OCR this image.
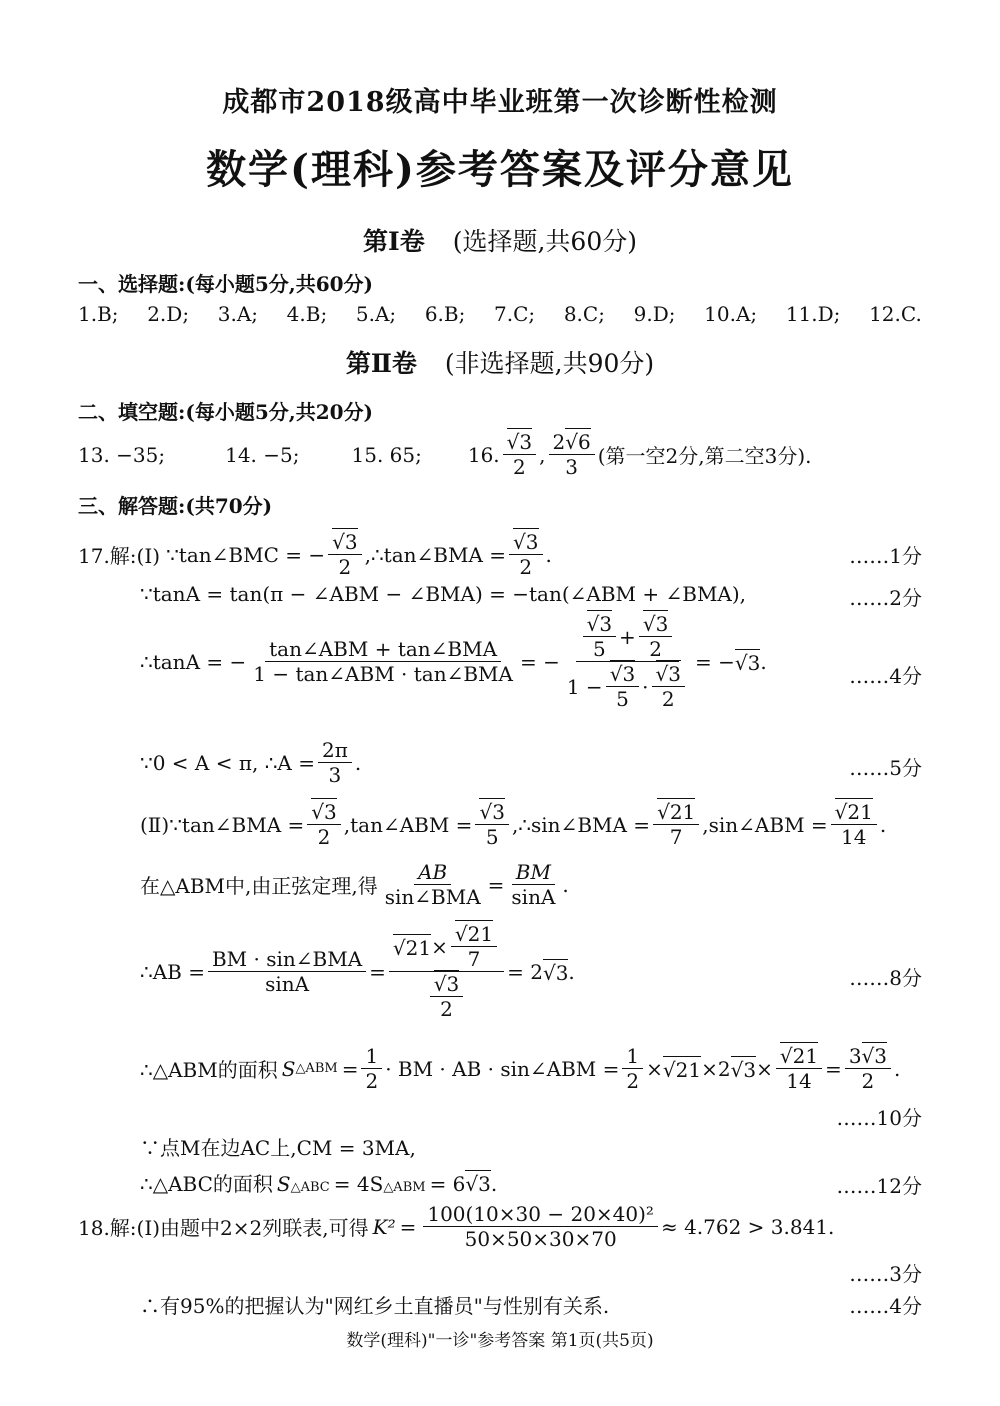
成都市2018级高中毕业班第一次诊断性检测
数学(理科)参考答案及评分意见
第Ⅰ卷 (选择题,共60分)
一、选择题:(每小题5分,共60分)
1.B; 2.D; 3.A; 4.B; 5.A; 6.B; 7.C; 8.C; 9.D; 10.A; 11.D; 12.C.
第Ⅱ卷 (非选择题,共90分)
二、填空题:(每小题5分,共20分)
13. −35;	14. −5;	15. 65; 16.
√ $\frac{3}{2}$ , $\frac{2√ 6}{3}$ (第一空2分,第二空3分).
三、解答题:(共70分)
17.解:(Ⅰ) ∵tan∠BMC = −
√ $\frac{3}{2}$ ,∴tan∠BMA =
√ $\frac{3}{2}$ .	……1分
∵tanA = tan(π − ∠ABM − ∠BMA) = −tan(∠ABM + ∠BMA),	……2分
∴tanA = − $\frac{\text{tan∠ABM + tan∠BMA}}{\text{1 − tan∠ABM · tan∠BMA}}$ = −
√ $\frac{3}{5}$ +
√ $\frac{3}{2}$
1 −
√ $\frac{3}{5}$ ·
√ $\frac{3}{2}$ = −
√ 3 .
……4分
∵0 < A < π, ∴A = $\frac{2\pi}{3}$ .	……5分
(Ⅱ) ∵tan∠BMA =
√ $\frac{3}{2}$ ,tan∠ABM =
√ $\frac{3}{5}$ ,∴sin∠BMA =
√ $\frac{21}{7}$ ,sin∠ABM =
√ $\frac{21}{14}$ .
在△ABM中,由正弦定理,得 $\frac{AB}{\text{sin∠BMA}} = \frac{BM}{\sin A}$ .
∴AB = $\frac{\text{BM · sin∠BMA}}{\sin A}$ =
√ 21 ×
√ $\frac{21}{7}$
√ $\frac{3}{2} = 2$
√ 3 .	……8分
∴△ABM的面积 S △ABM = $\frac{1}{2}$ · BM · AB · sin∠ABM = $\frac{1}{2}$ ×
√ 21 ×2
√ 3 ×
√ $\frac{21}{14} = \frac{3√ 3}{2}$ .
……10分
∵点M在边AC上,CM = 3MA,
∴△ABC的面积 S △ABC = 4S △ABM = 6
√ 3 .	……12分
18.解:(Ⅰ)由题中2×2列联表,可得 $K^2 = \frac{\text{100(10×30 − 20×40)²}}{50\times 50\times 30\times 70} \approx 4.762 > 3.841$.
……3分
∴有95%的把握认为"网红乡土直播员"与性别有关系.	……4分
数学(理科)"一诊"参考答案 第1页(共5页)
